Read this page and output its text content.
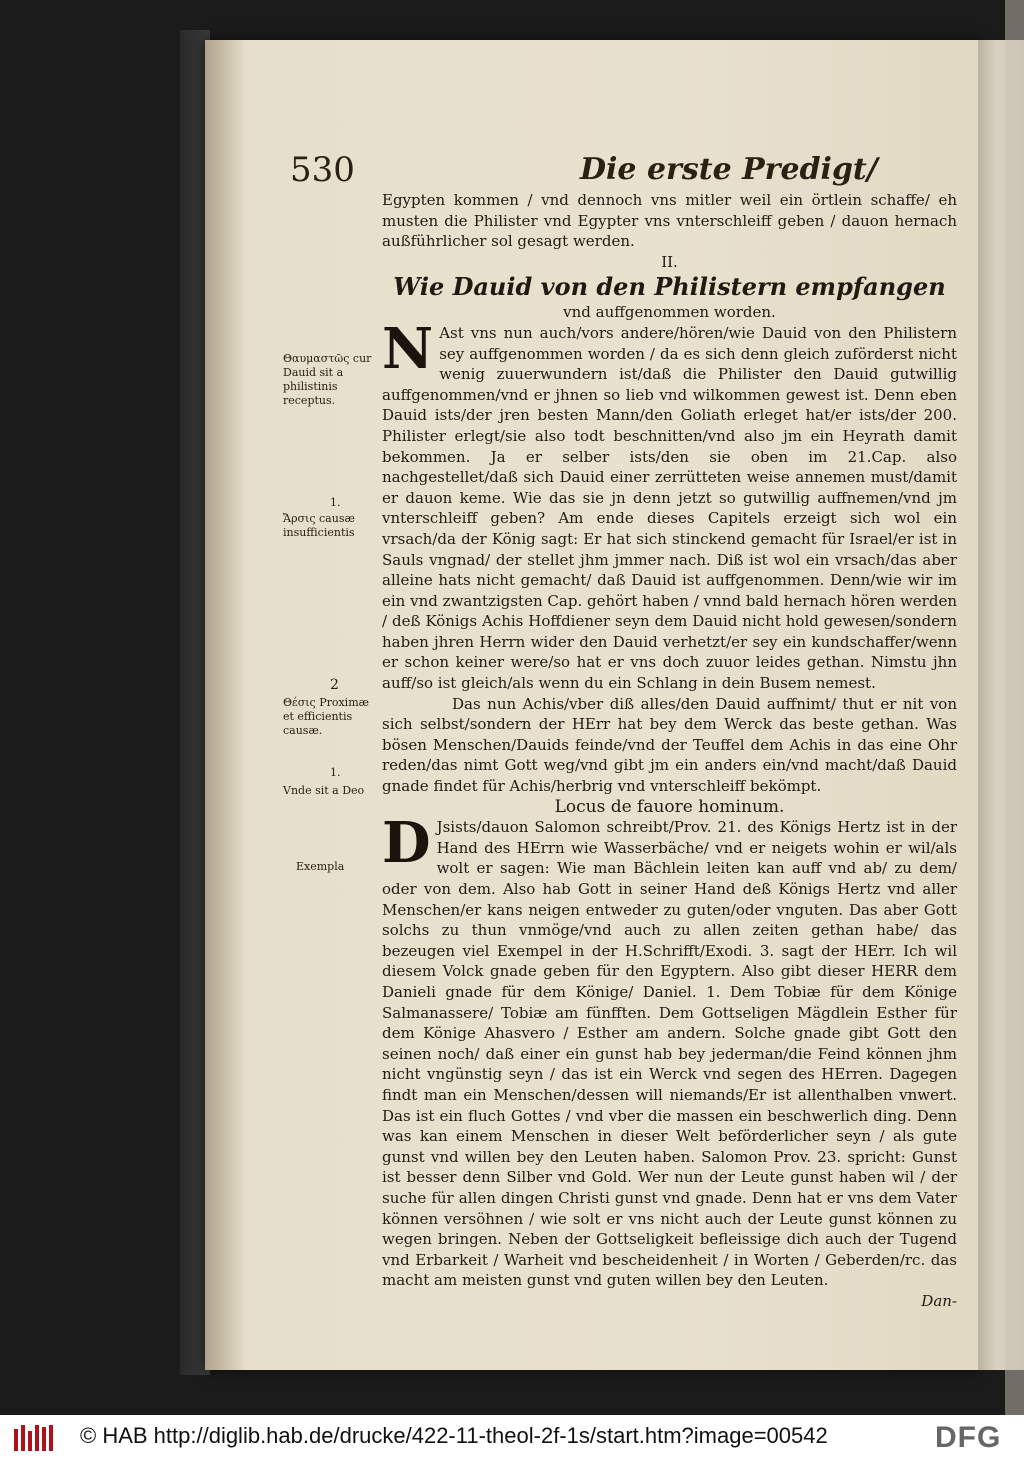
530	Die erste Predigt/

Egypten kommen / vnd dennoch vns mitler weil ein örtlein schaffe/ eh musten die Philister vnd Egypter vns vnterschleiff geben / dauon hernach außführlicher sol gesagt werden.

II.

Wie Dauid von den Philistern empfangen

vnd auffgenommen worden.

N Ast vns nun auch/vors andere/hören/wie Dauid von den Philistern sey auffgenommen worden / da es sich denn gleich zuförderst nicht wenig zuuerwundern ist/daß die Philister den Dauid gutwillig auffgenommen/vnd er jhnen so lieb vnd wilkommen gewest ist. Denn eben Dauid ists/der jren besten Mann/den Goliath erleget hat/er ists/der 200. Philister erlegt/sie also todt beschnitten/vnd also jm ein Heyrath damit bekommen. Ja er selber ists/den sie oben im 21.Cap. also nachgestellet/daß sich Dauid einer zerrütteten weise annemen must/damit er dauon keme. Wie das sie jn denn jetzt so gutwillig auffnemen/vnd jm vnterschleiff geben? Am ende dieses Capitels erzeigt sich wol ein vrsach/da der König sagt: Er hat sich stinckend gemacht für Israel/er ist in Sauls vngnad/ der stellet jhm jmmer nach. Diß ist wol ein vrsach/das aber alleine hats nicht gemacht/ daß Dauid ist auffgenommen. Denn/wie wir im ein vnd zwantzigsten Cap. gehört haben / vnnd bald hernach hören werden / deß Königs Achis Hoffdiener seyn dem Dauid nicht hold gewesen/sondern haben jhren Herrn wider den Dauid verhetzt/er sey ein kundschaffer/wenn er schon keiner were/so hat er vns doch zuuor leides gethan. Nimstu jhn auff/so ist gleich/als wenn du ein Schlang in dein Busem nemest.

Das nun Achis/vber diß alles/den Dauid auffnimt/ thut er nit von sich selbst/sondern der HErr hat bey dem Werck das beste gethan. Was bösen Menschen/Dauids feinde/vnd der Teuffel dem Achis in das eine Ohr reden/das nimt Gott weg/vnd gibt jm ein anders ein/vnd macht/daß Dauid gnade findet für Achis/herbrig vnd vnterschleiff bekömpt.

Locus de fauore hominum.

D Jsists/dauon Salomon schreibt/Prov. 21. des Königs Hertz ist in der Hand des HErrn wie Wasserbäche/ vnd er neigets wohin er wil/als wolt er sagen: Wie man Bächlein leiten kan auff vnd ab/ zu dem/ oder von dem. Also hab Gott in seiner Hand deß Königs Hertz vnd aller Menschen/er kans neigen entweder zu guten/oder vnguten. Das aber Gott solchs zu thun vnmöge/vnd auch zu allen zeiten gethan habe/ das bezeugen viel Exempel in der H.Schrifft/Exodi. 3. sagt der HErr. Ich wil diesem Volck gnade geben für den Egyptern. Also gibt dieser HERR dem Danieli gnade für dem Könige/ Daniel. 1. Dem Tobiæ für dem Könige Salmanassere/ Tobiæ am fünfften. Dem Gottseligen Mägdlein Esther für dem Könige Ahasvero / Esther am andern. Solche gnade gibt Gott den seinen noch/ daß einer ein gunst hab bey jederman/die Feind können jhm nicht vngünstig seyn / das ist ein Werck vnd segen des HErren. Dagegen findt man ein Menschen/dessen will niemands/Er ist allenthalben vnwert. Das ist ein fluch Gottes / vnd vber die massen ein beschwerlich ding. Denn was kan einem Menschen in dieser Welt beförderlicher seyn / als gute gunst vnd willen bey den Leuten haben. Salomon Prov. 23. spricht: Gunst ist besser denn Silber vnd Gold. Wer nun der Leute gunst haben wil / der suche für allen dingen Christi gunst vnd gnade. Denn hat er vns dem Vater können versöhnen / wie solt er vns nicht auch der Leute gunst können zu wegen bringen. Neben der Gottseligkeit befleissige dich auch der Tugend vnd Erbarkeit / Warheit vnd bescheidenheit / in Worten / Geberden/rc. das macht am meisten gunst vnd guten willen bey den Leuten.

Dan-

Θαυμαστῶς cur Dauid sit a philistinis receptus.
1.
Ἄρσις causæ insufficientis
2
Θέσις Proximæ et efficientis causæ.
1.
Vnde sit a Deo
Exempla
© HAB http://diglib.hab.de/drucke/422-11-theol-2f-1s/start.htm?image=00542	DFG
